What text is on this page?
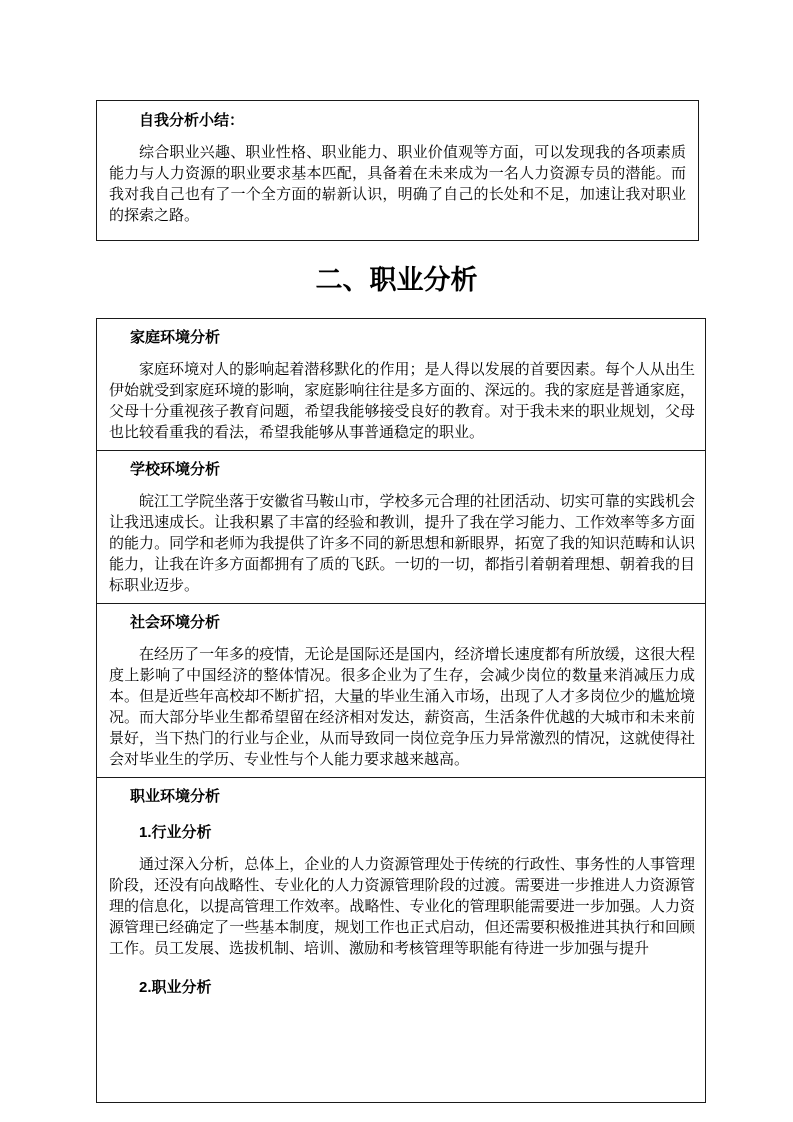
自我分析小结：

综合职业兴趣、职业性格、职业能力、职业价值观等方面，可以发现我的各项素质能力与人力资源的职业要求基本匹配，具备着在未来成为一名人力资源专员的潜能。而我对我自己也有了一个全方面的崭新认识，明确了自己的长处和不足，加速让我对职业的探索之路。

二、职业分析

家庭环境分析

家庭环境对人的影响起着潜移默化的作用；是人得以发展的首要因素。每个人从出生伊始就受到家庭环境的影响，家庭影响往往是多方面的、深远的。我的家庭是普通家庭，父母十分重视孩子教育问题，希望我能够接受良好的教育。对于我未来的职业规划，父母也比较看重我的看法，希望我能够从事普通稳定的职业。

学校环境分析

皖江工学院坐落于安徽省马鞍山市，学校多元合理的社团活动、切实可靠的实践机会让我迅速成长。让我积累了丰富的经验和教训，提升了我在学习能力、工作效率等多方面的能力。同学和老师为我提供了许多不同的新思想和新眼界，拓宽了我的知识范畴和认识能力，让我在许多方面都拥有了质的飞跃。一切的一切，都指引着朝着理想、朝着我的目标职业迈步。

社会环境分析

在经历了一年多的疫情，无论是国际还是国内，经济增长速度都有所放缓，这很大程度上影响了中国经济的整体情况。很多企业为了生存，会减少岗位的数量来消减压力成本。但是近些年高校却不断扩招，大量的毕业生涌入市场，出现了人才多岗位少的尴尬境况。而大部分毕业生都希望留在经济相对发达，薪资高，生活条件优越的大城市和未来前景好，当下热门的行业与企业，从而导致同一岗位竞争压力异常激烈的情况，这就使得社会对毕业生的学历、专业性与个人能力要求越来越高。

职业环境分析

1.行业分析

通过深入分析，总体上，企业的人力资源管理处于传统的行政性、事务性的人事管理阶段，还没有向战略性、专业化的人力资源管理阶段的过渡。需要进一步推进人力资源管理的信息化，以提高管理工作效率。战略性、专业化的管理职能需要进一步加强。人力资源管理已经确定了一些基本制度，规划工作也正式启动，但还需要积极推进其执行和回顾工作。员工发展、选拔机制、培训、激励和考核管理等职能有待进一步加强与提升

2.职业分析
